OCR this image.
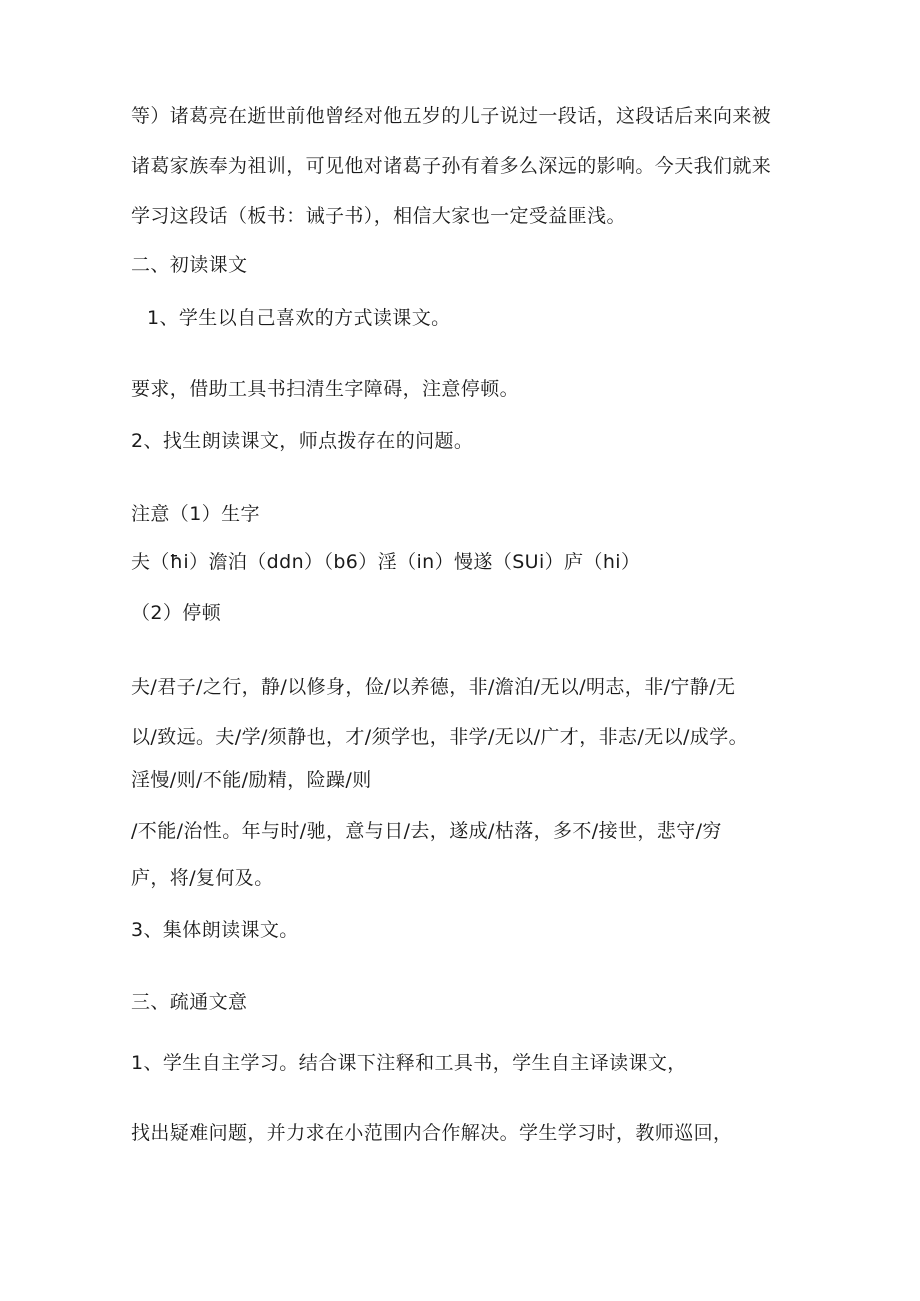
等）诸葛亮在逝世前他曾经对他五岁的儿子说过一段话，这段话后来向来被
诸葛家族奉为祖训，可见他对诸葛子孙有着多么深远的影响。今天我们就来
学习这段话（板书：诫子书），相信大家也一定受益匪浅。
二、初读课文
1、学生以自己喜欢的方式读课文。
要求，借助工具书扫清生字障碍，注意停顿。
2、找生朗读课文，师点拨存在的问题。
注意（1）生字
夫（ħi）澹泊（ddn）（b6）淫（in）慢遂（SUi）庐（hi）
（2）停顿
夫/君子/之行，静/以修身，俭/以养德，非/澹泊/无以/明志，非/宁静/无
以/致远。夫/学/须静也，才/须学也，非学/无以/广才，非志/无以/成学。
淫慢/则/不能/励精，险躁/则
/不能/治性。年与时/驰，意与日/去，遂成/枯落，多不/接世，悲守/穷
庐，将/复何及。
3、集体朗读课文。
三、疏通文意
1、学生自主学习。结合课下注释和工具书，学生自主译读课文，
找出疑难问题，并力求在小范围内合作解决。学生学习时，教师巡回，
